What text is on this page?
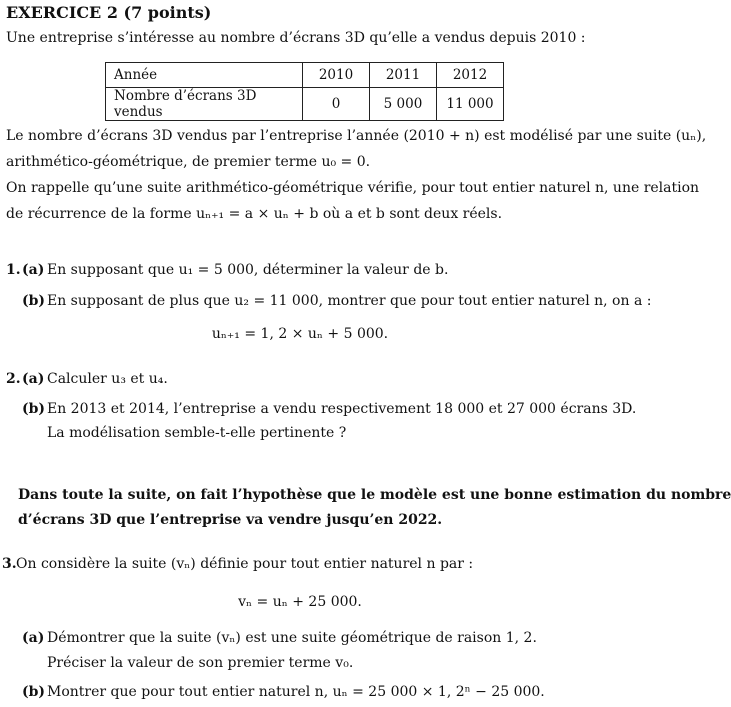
EXERCICE 2 (7 points)
Une entreprise s’intéresse au nombre d’écrans 3D qu’elle a vendus depuis 2010 :
Année	2010	2011	2012
Nombre d’écrans 3D vendus	0	5 000	11 000
Le nombre d’écrans 3D vendus par l’entreprise l’année (2010 + n) est modélisé par une suite (uₙ),
arithmético-géométrique, de premier terme u₀ = 0.
On rappelle qu’une suite arithmético-géométrique vérifie, pour tout entier naturel n, une relation
de récurrence de la forme uₙ₊₁ = a × uₙ + b où a et b sont deux réels.
1. (a) En supposant que u₁ = 5 000, déterminer la valeur de b.
(b) En supposant de plus que u₂ = 11 000, montrer que pour tout entier naturel n, on a :
uₙ₊₁ = 1, 2 × uₙ + 5 000.
2. (a) Calculer u₃ et u₄.
(b) En 2013 et 2014, l’entreprise a vendu respectivement 18 000 et 27 000 écrans 3D.
La modélisation semble-t-elle pertinente ?
Dans toute la suite, on fait l’hypothèse que le modèle est une bonne estimation du nombre
d’écrans 3D que l’entreprise va vendre jusqu’en 2022.
3. On considère la suite (vₙ) définie pour tout entier naturel n par :
vₙ = uₙ + 25 000.
(a) Démontrer que la suite (vₙ) est une suite géométrique de raison 1, 2.
Préciser la valeur de son premier terme v₀.
(b) Montrer que pour tout entier naturel n, uₙ = 25 000 × 1, 2ⁿ − 25 000.
